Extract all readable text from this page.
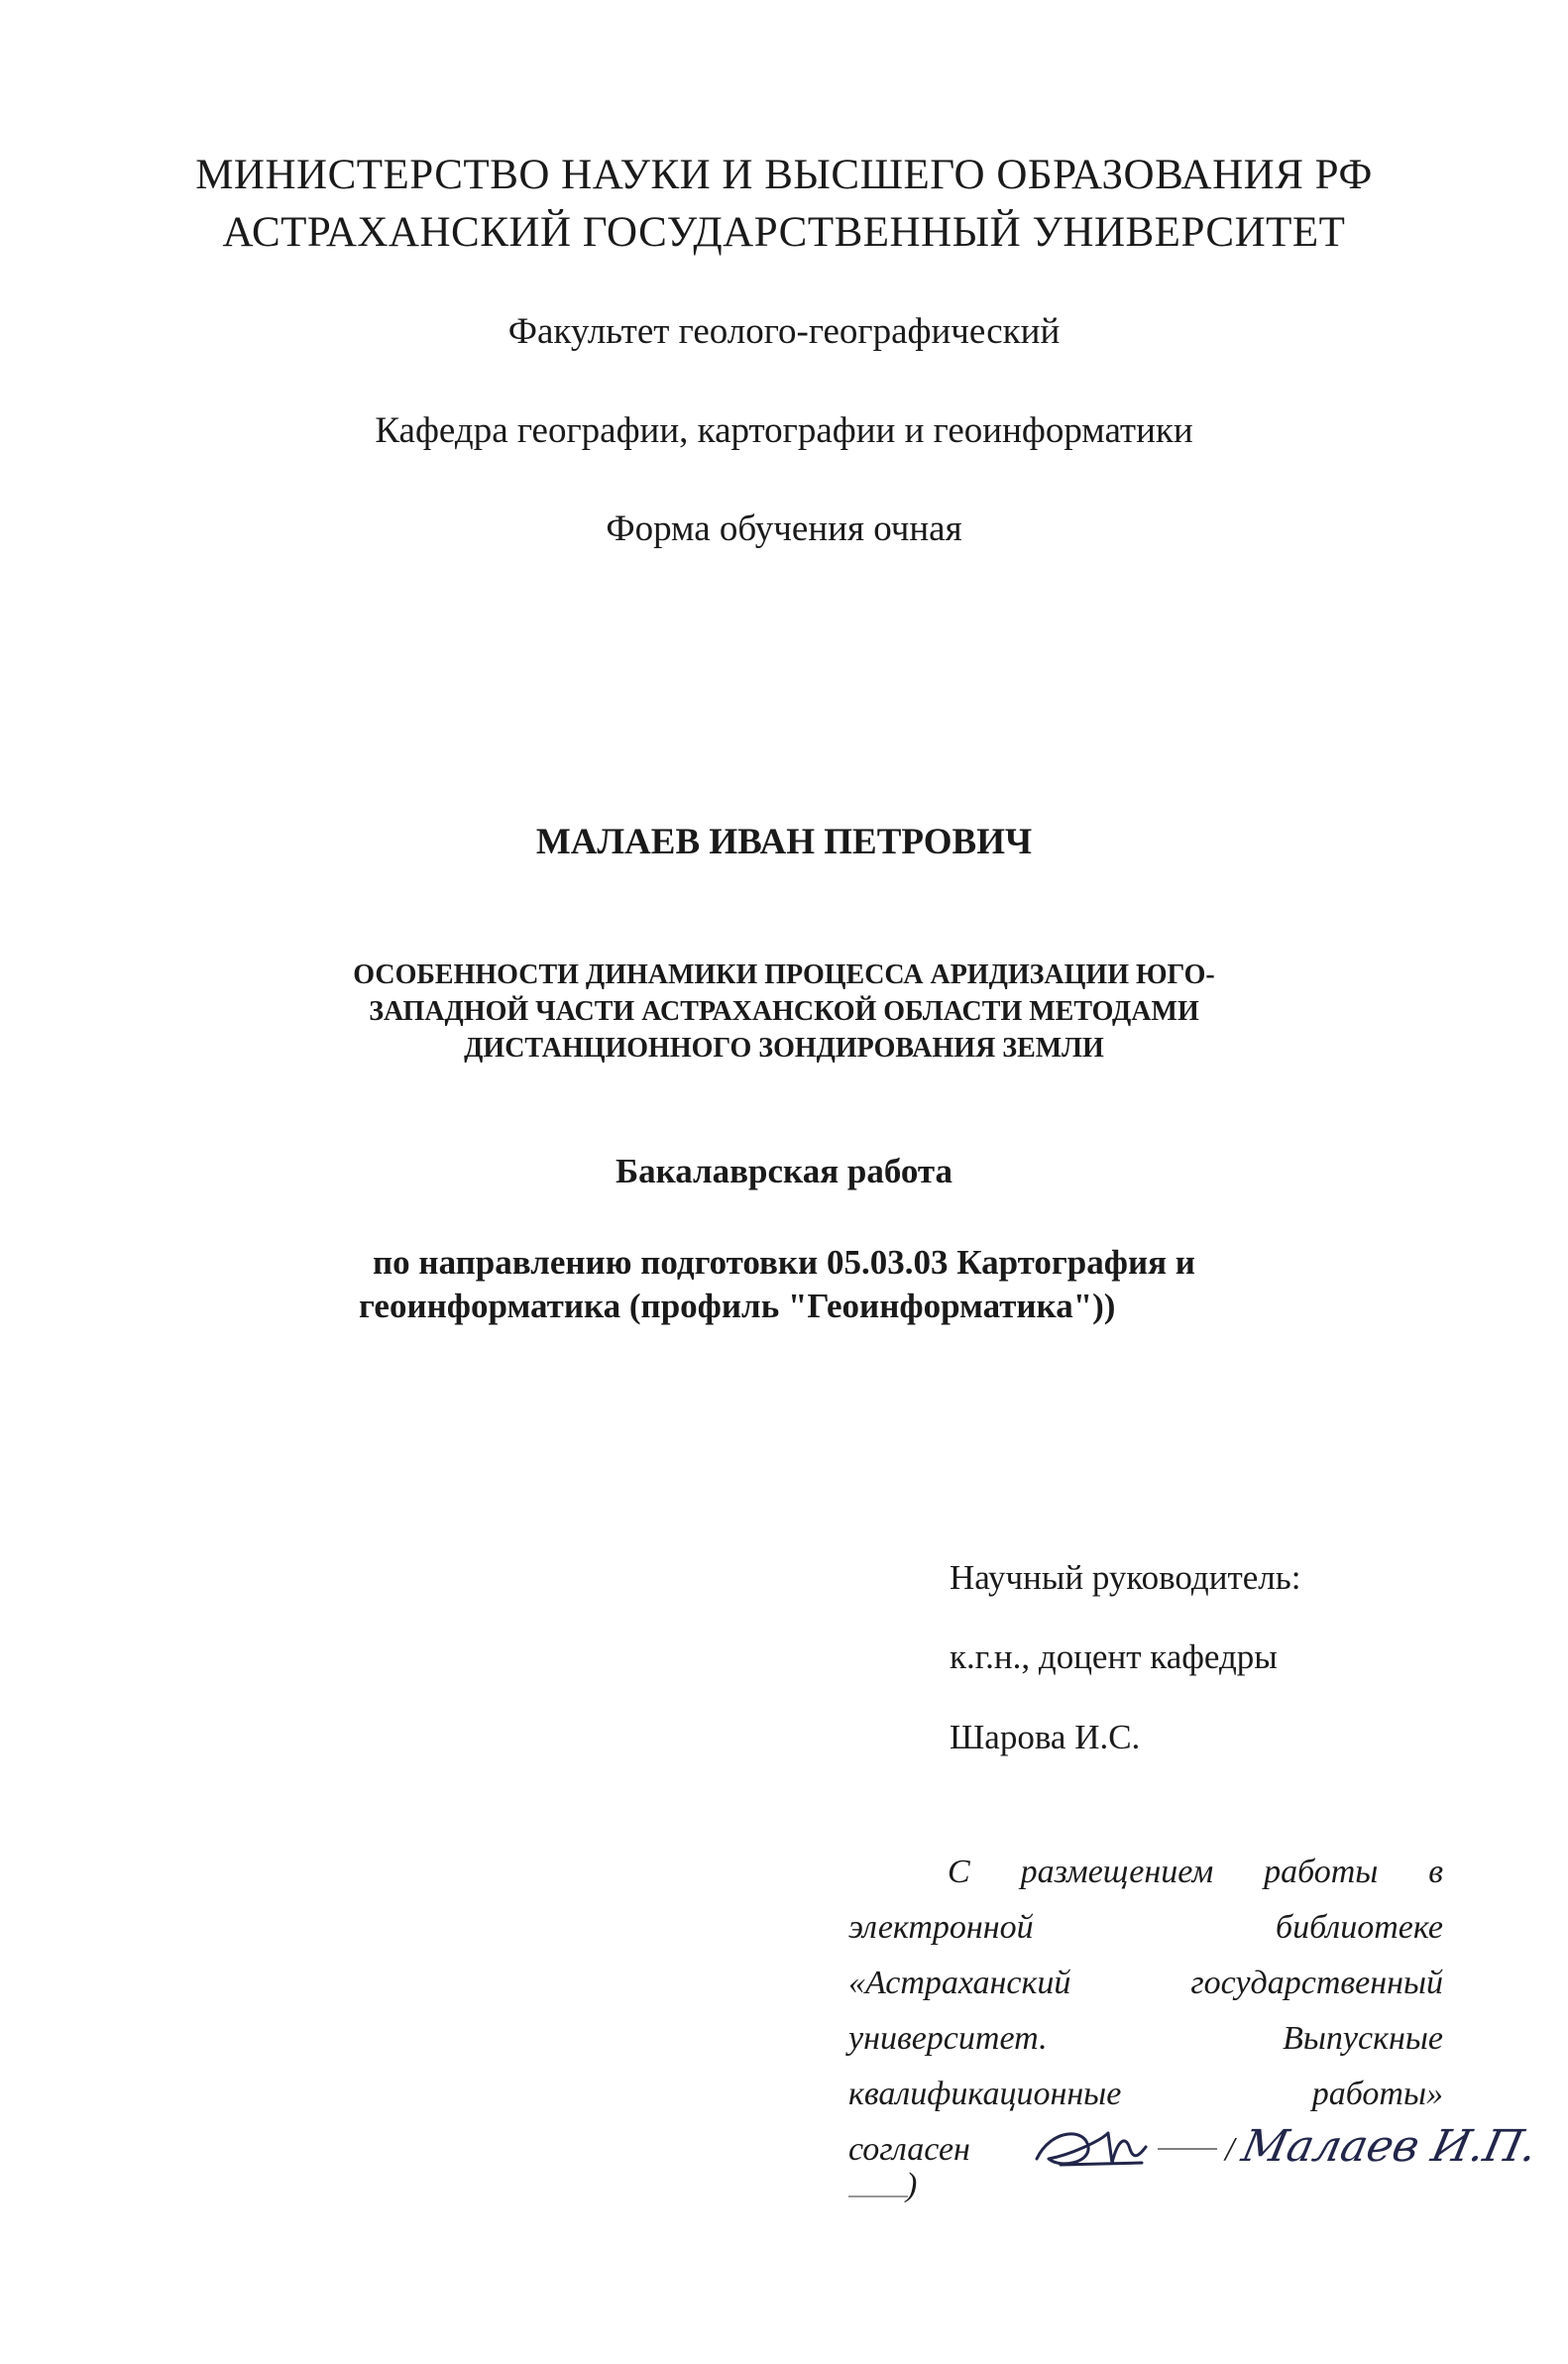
МИНИСТЕРСТВО НАУКИ И ВЫСШЕГО ОБРАЗОВАНИЯ РФ
АСТРАХАНСКИЙ ГОСУДАРСТВЕННЫЙ УНИВЕРСИТЕТ
Факультет геолого-географический
Кафедра географии, картографии и геоинформатики
Форма обучения очная
МАЛАЕВ ИВАН ПЕТРОВИЧ
ОСОБЕННОСТИ ДИНАМИКИ ПРОЦЕССА АРИДИЗАЦИИ ЮГО-
ЗАПАДНОЙ ЧАСТИ АСТРАХАНСКОЙ ОБЛАСТИ МЕТОДАМИ
ДИСТАНЦИОННОГО ЗОНДИРОВАНИЯ ЗЕМЛИ
Бакалаврская работа
по направлению подготовки 05.03.03 Картография и
геоинформатика (профиль "Геоинформатика"))
Научный руководитель:
к.г.н., доцент кафедры
Шарова И.С.
С размещением работы в
электронной	библиотеке
«Астраханский	государственный
университет.	Выпускные
квалификационные	работы»
согласен	/ Малаев И.П.
)
